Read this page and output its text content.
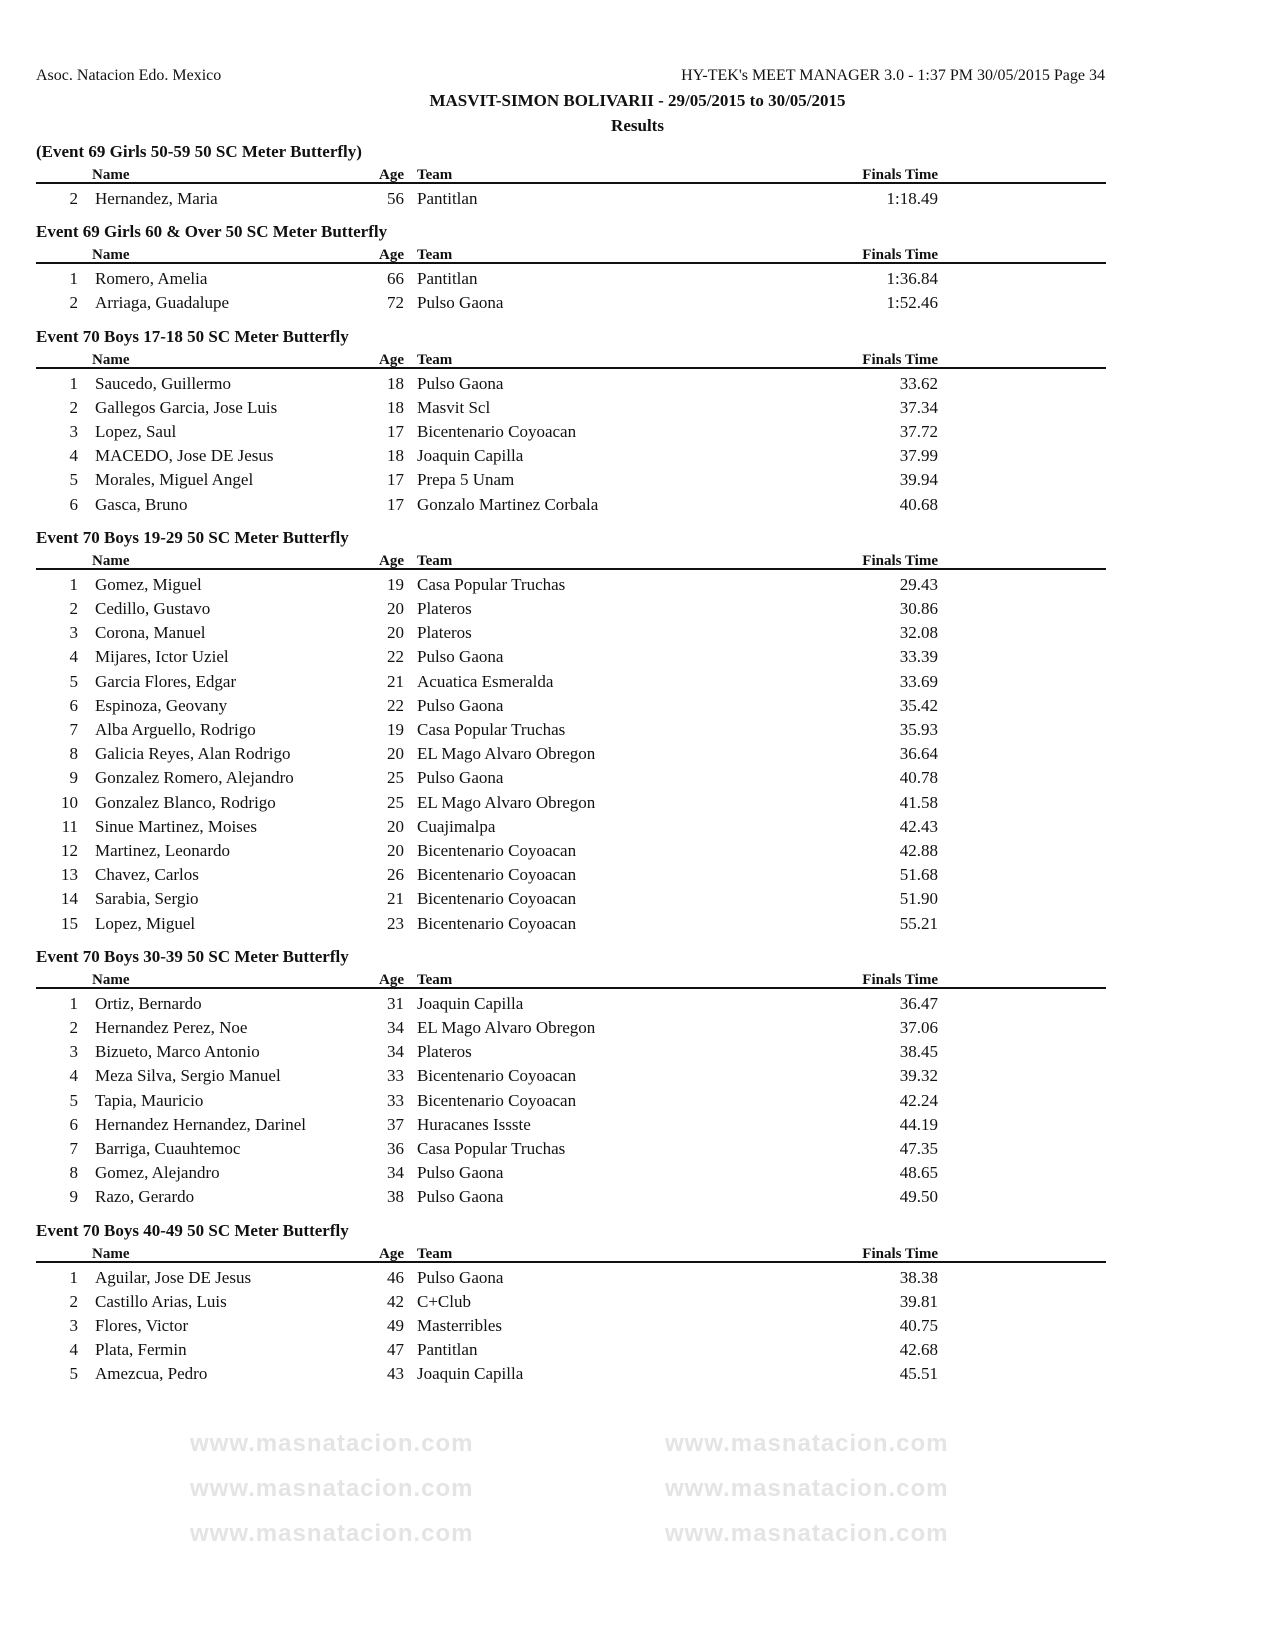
www.masnatacion.com	www.masnatacion.com
www.masnatacion.com	www.masnatacion.com
www.masnatacion.com	www.masnatacion.com
Asoc. Natacion Edo. Mexico	HY-TEK's MEET MANAGER 3.0 - 1:37 PM 30/05/2015 Page 34
MASVIT-SIMON BOLIVARII - 29/05/2015 to 30/05/2015
Results
(Event 69 Girls 50-59 50 SC Meter Butterfly)
Name	Age Team	Finals Time
2 Hernandez, Maria	56 Pantitlan	1:18.49
Event 69 Girls 60 & Over 50 SC Meter Butterfly
Name	Age Team	Finals Time
1 Romero, Amelia	66 Pantitlan	1:36.84
2 Arriaga, Guadalupe	72 Pulso Gaona	1:52.46
Event 70 Boys 17-18 50 SC Meter Butterfly
Name	Age Team	Finals Time
1 Saucedo, Guillermo	18 Pulso Gaona	33.62
2 Gallegos Garcia, Jose Luis	18 Masvit Scl	37.34
3 Lopez, Saul	17 Bicentenario Coyoacan	37.72
4 MACEDO, Jose DE Jesus	18 Joaquin Capilla	37.99
5 Morales, Miguel Angel	17 Prepa 5 Unam	39.94
6 Gasca, Bruno	17 Gonzalo Martinez Corbala	40.68
Event 70 Boys 19-29 50 SC Meter Butterfly
Name	Age Team	Finals Time
1 Gomez, Miguel	19 Casa Popular Truchas	29.43
2 Cedillo, Gustavo	20 Plateros	30.86
3 Corona, Manuel	20 Plateros	32.08
4 Mijares, Ictor Uziel	22 Pulso Gaona	33.39
5 Garcia Flores, Edgar	21 Acuatica Esmeralda	33.69
6 Espinoza, Geovany	22 Pulso Gaona	35.42
7 Alba Arguello, Rodrigo	19 Casa Popular Truchas	35.93
8 Galicia Reyes, Alan Rodrigo	20 EL Mago Alvaro Obregon	36.64
9 Gonzalez Romero, Alejandro	25 Pulso Gaona	40.78
10 Gonzalez Blanco, Rodrigo	25 EL Mago Alvaro Obregon	41.58
11 Sinue Martinez, Moises	20 Cuajimalpa	42.43
12 Martinez, Leonardo	20 Bicentenario Coyoacan	42.88
13 Chavez, Carlos	26 Bicentenario Coyoacan	51.68
14 Sarabia, Sergio	21 Bicentenario Coyoacan	51.90
15 Lopez, Miguel	23 Bicentenario Coyoacan	55.21
Event 70 Boys 30-39 50 SC Meter Butterfly
Name	Age Team	Finals Time
1 Ortiz, Bernardo	31 Joaquin Capilla	36.47
2 Hernandez Perez, Noe	34 EL Mago Alvaro Obregon	37.06
3 Bizueto, Marco Antonio	34 Plateros	38.45
4 Meza Silva, Sergio Manuel	33 Bicentenario Coyoacan	39.32
5 Tapia, Mauricio	33 Bicentenario Coyoacan	42.24
6 Hernandez Hernandez, Darinel	37 Huracanes Issste	44.19
7 Barriga, Cuauhtemoc	36 Casa Popular Truchas	47.35
8 Gomez, Alejandro	34 Pulso Gaona	48.65
9 Razo, Gerardo	38 Pulso Gaona	49.50
Event 70 Boys 40-49 50 SC Meter Butterfly
Name	Age Team	Finals Time
1 Aguilar, Jose DE Jesus	46 Pulso Gaona	38.38
2 Castillo Arias, Luis	42 C+Club	39.81
3 Flores, Victor	49 Masterribles	40.75
4 Plata, Fermin	47 Pantitlan	42.68
5 Amezcua, Pedro	43 Joaquin Capilla	45.51
